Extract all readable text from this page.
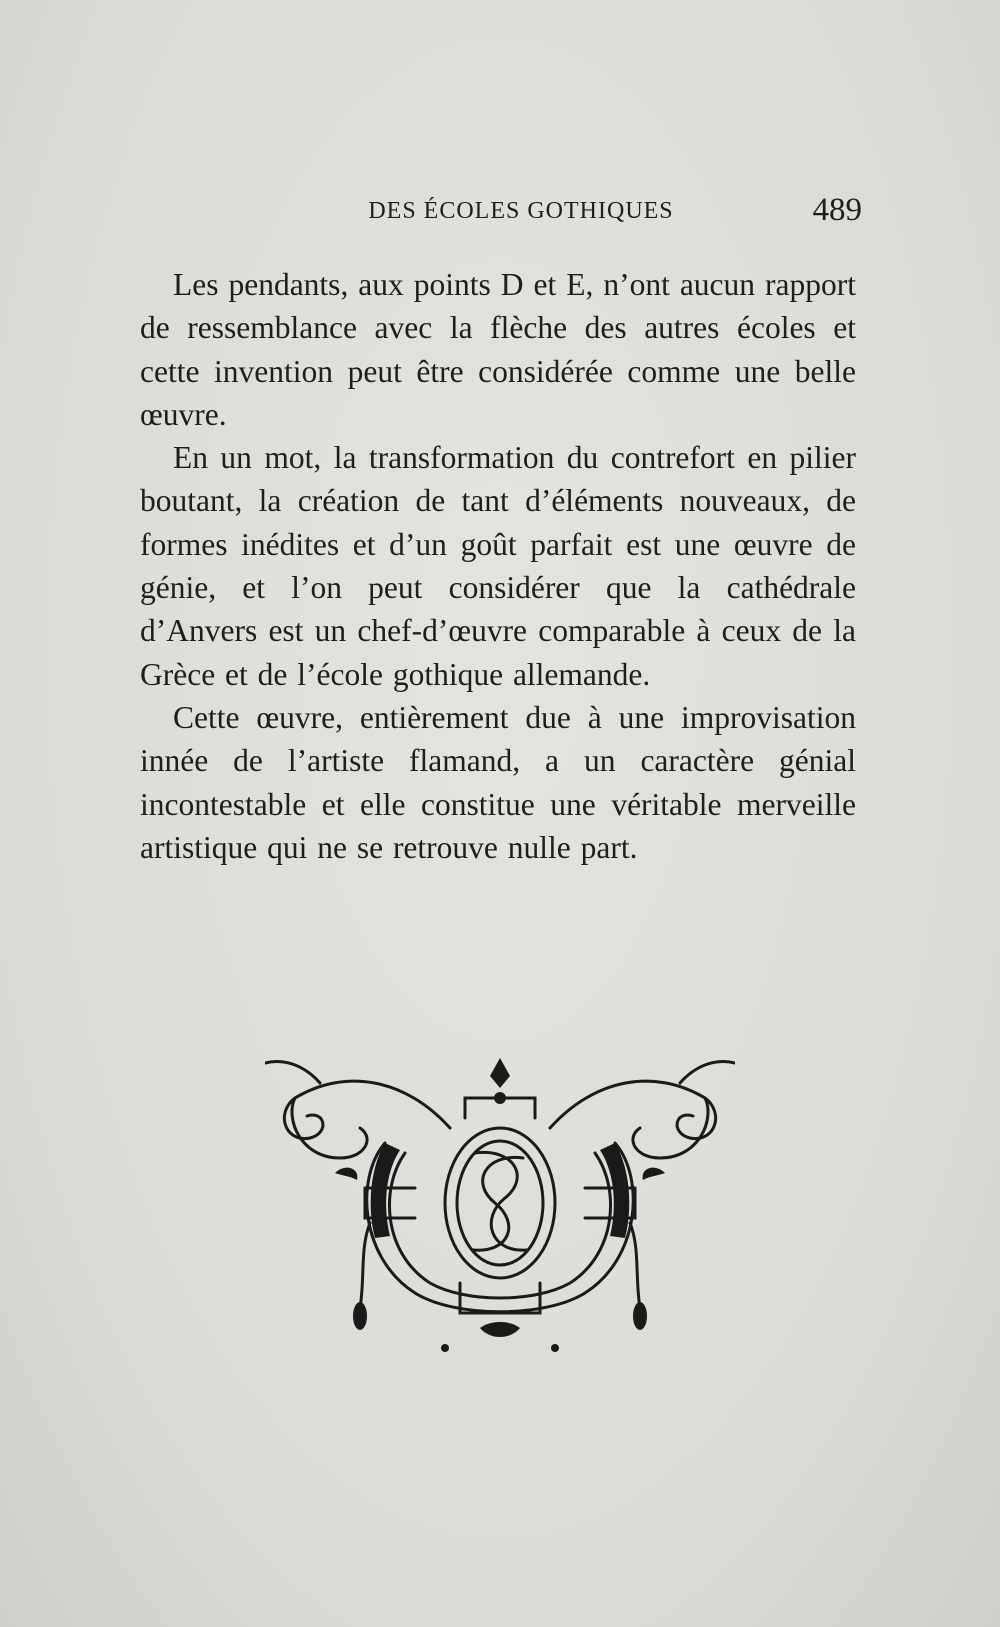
DES ÉCOLES GOTHIQUES	489

Les pendants, aux points D et E, n’ont aucun rapport de ressemblance avec la flèche des autres écoles et cette invention peut être considérée comme une belle œuvre.

En un mot, la transformation du contrefort en pilier boutant, la création de tant d’éléments nouveaux, de formes inédites et d’un goût parfait est une œuvre de génie, et l’on peut considérer que la cathédrale d’Anvers est un chef-d’œuvre comparable à ceux de la Grèce et de l’école gothique allemande.

Cette œuvre, entièrement due à une improvisation innée de l’artiste flamand, a un caractère génial incontestable et elle constitue une véritable merveille artistique qui ne se retrouve nulle part.
